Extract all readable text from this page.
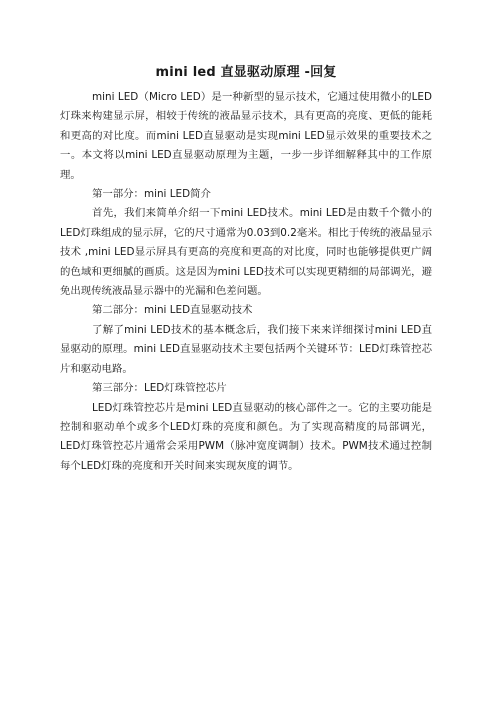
mini led 直显驱动原理 -回复

mini LED（Micro LED）是一种新型的显示技术，它通过使用微小的LED灯珠来构建显示屏，相较于传统的液晶显示技术，具有更高的亮度、更低的能耗和更高的对比度。而mini LED直显驱动是实现mini LED显示效果的重要技术之一。本文将以mini LED直显驱动原理为主题，一步一步详细解释其中的工作原理。

第一部分：mini LED简介

首先，我们来简单介绍一下mini LED技术。mini LED是由数千个微小的LED灯珠组成的显示屏，它的尺寸通常为0.03到0.2毫米。相比于传统的液晶显示技术 ,mini LED显示屏具有更高的亮度和更高的对比度，同时也能够提供更广阔的色域和更细腻的画质。这是因为mini LED技术可以实现更精细的局部调光，避免出现传统液晶显示器中的光漏和色差问题。

第二部分：mini LED直显驱动技术

了解了mini LED技术的基本概念后，我们接下来来详细探讨mini LED直显驱动的原理。mini LED直显驱动技术主要包括两个关键环节：LED灯珠管控芯片和驱动电路。

第三部分：LED灯珠管控芯片

LED灯珠管控芯片是mini LED直显驱动的核心部件之一。它的主要功能是控制和驱动单个或多个LED灯珠的亮度和颜色。为了实现高精度的局部调光，LED灯珠管控芯片通常会采用PWM（脉冲宽度调制）技术。PWM技术通过控制每个LED灯珠的亮度和开关时间来实现灰度的调节。
